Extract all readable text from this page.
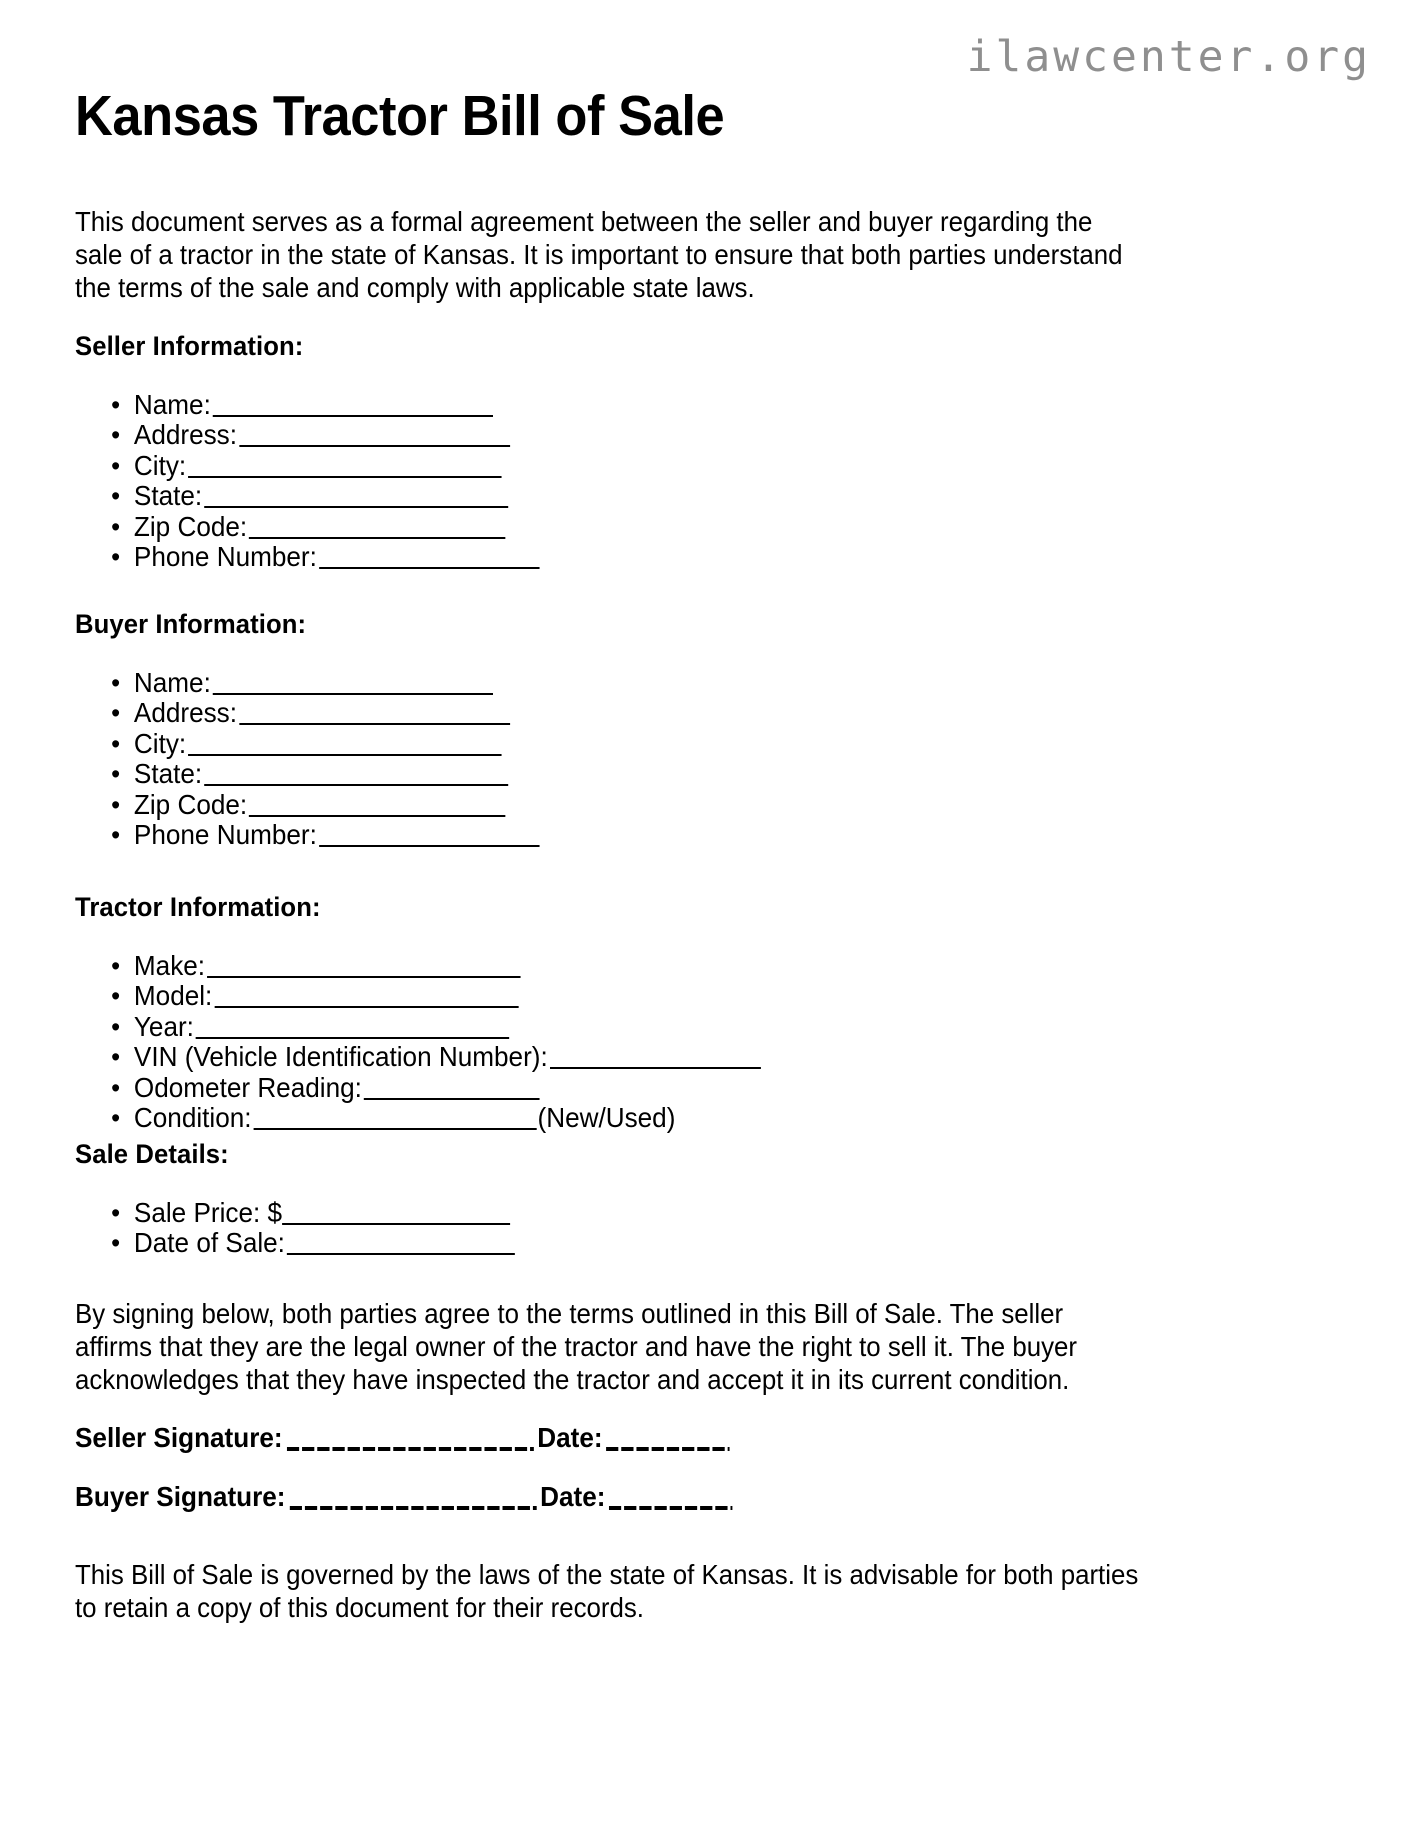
ilawcenter.org
Kansas Tractor Bill of Sale

This document serves as a formal agreement between the seller and buyer regarding the sale of a tractor in the state of Kansas. It is important to ensure that both parties understand the terms of the sale and comply with applicable state laws.

Seller Information:
• Name:
• Address:
• City:
• State:
• Zip Code:
• Phone Number:
Buyer Information:
• Name:
• Address:
• City:
• State:
• Zip Code:
• Phone Number:
Tractor Information:
• Make:
• Model:
• Year:
• VIN (Vehicle Identification Number):
• Odometer Reading:
• Condition:	(New/Used)
Sale Details:
• Sale Price: $
• Date of Sale:

By signing below, both parties agree to the terms outlined in this Bill of Sale. The seller affirms that they are the legal owner of the tractor and have the right to sell it. The buyer acknowledges that they have inspected the tractor and accept it in its current condition.

Seller Signature:	Date:
Buyer Signature:	Date:

This Bill of Sale is governed by the laws of the state of Kansas. It is advisable for both parties to retain a copy of this document for their records.
